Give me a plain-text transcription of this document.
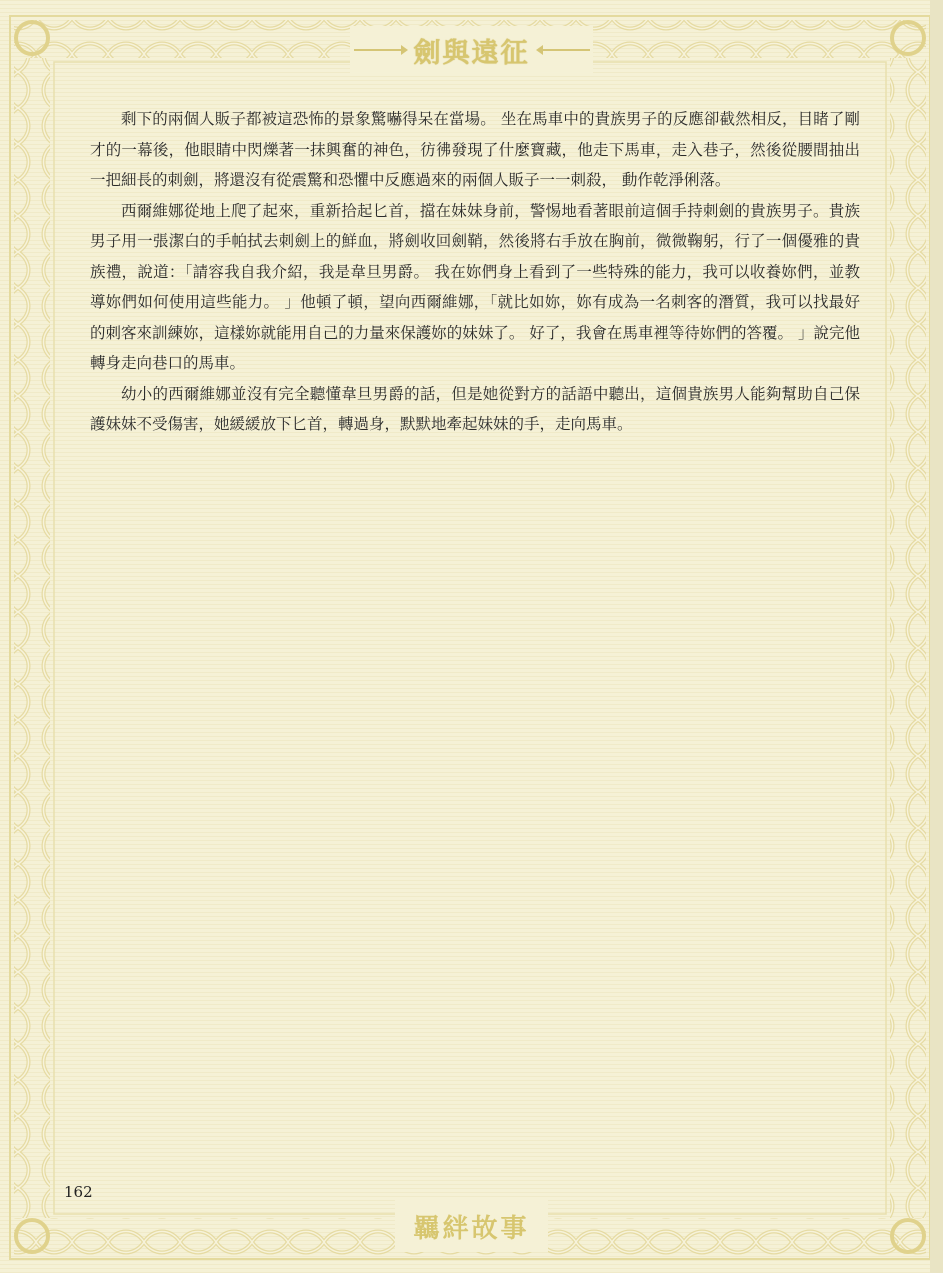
劍與遠征

剩下的兩個人販子都被這恐怖的景象驚嚇得呆在當場。 坐在馬車中的貴族男子的反應卻截然相反，目睹了剛才的一幕後，他眼睛中閃爍著一抹興奮的神色，彷彿發現了什麼寶藏，他走下馬車，走入巷子，然後從腰間抽出一把細長的刺劍，將還沒有從震驚和恐懼中反應過來的兩個人販子一一刺殺， 動作乾淨俐落。

西爾維娜從地上爬了起來，重新拾起匕首，擋在妹妹身前，警惕地看著眼前這個手持刺劍的貴族男子。貴族男子用一張潔白的手帕拭去刺劍上的鮮血，將劍收回劍鞘，然後將右手放在胸前，微微鞠躬，行了一個優雅的貴族禮，說道：「請容我自我介紹，我是韋旦男爵。 我在妳們身上看到了一些特殊的能力，我可以收養妳們，並教導妳們如何使用這些能力。 」他頓了頓，望向西爾維娜，「就比如妳，妳有成為一名刺客的潛質，我可以找最好的刺客來訓練妳，這樣妳就能用自己的力量來保護妳的妹妹了。 好了，我會在馬車裡等待妳們的答覆。 」說完他轉身走向巷口的馬車。

幼小的西爾維娜並沒有完全聽懂韋旦男爵的話，但是她從對方的話語中聽出，這個貴族男人能夠幫助自己保護妹妹不受傷害，她緩緩放下匕首，轉過身，默默地牽起妹妹的手，走向馬車。

162
羈絆故事
